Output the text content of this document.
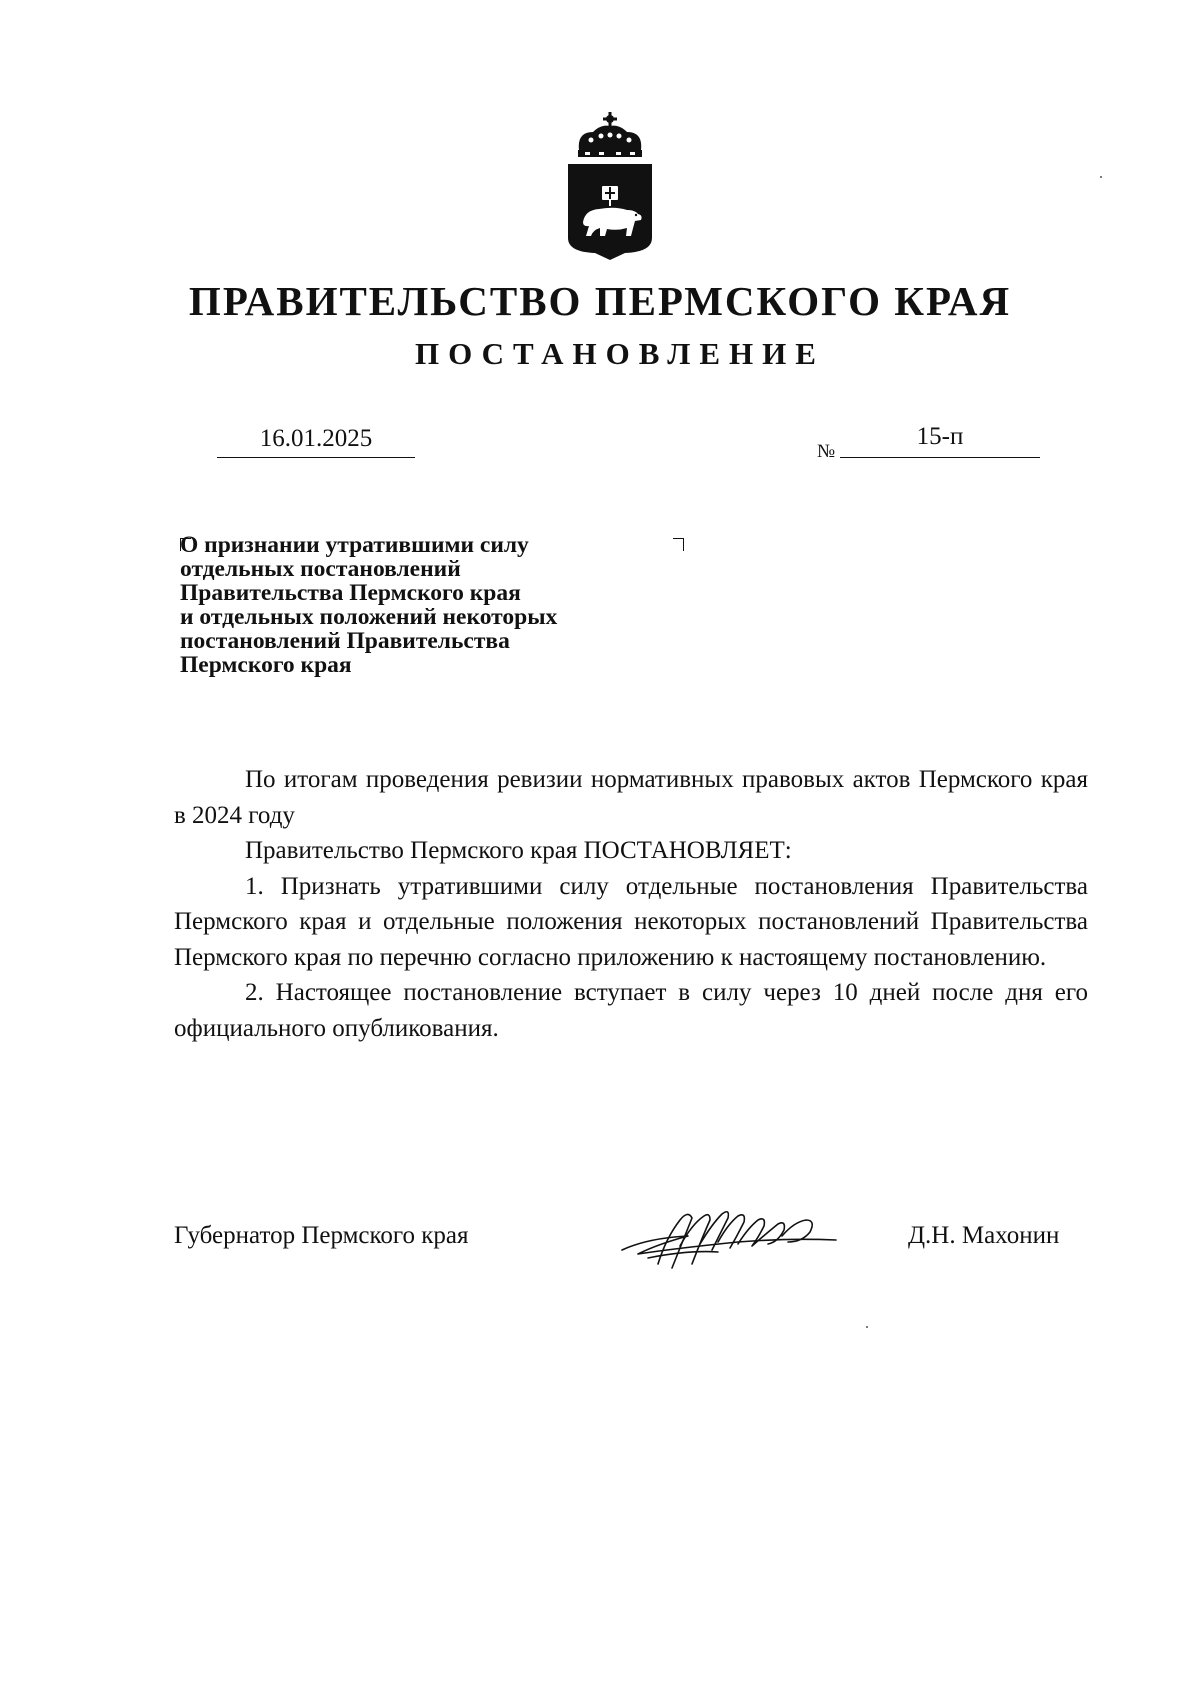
ПРАВИТЕЛЬСТВО ПЕРМСКОГО КРАЯ
ПОСТАНОВЛЕНИЕ
16.01.2025	№
15-п
О признании утратившими силу
отдельных постановлений
Правительства Пермского края
и отдельных положений некоторых
постановлений Правительства
Пермского края

По итогам проведения ревизии нормативных правовых актов Пермского края в 2024 году

Правительство Пермского края ПОСТАНОВЛЯЕТ:

1. Признать утратившими силу отдельные постановления Правительства Пермского края и отдельные положения некоторых постановлений Правительства Пермского края по перечню согласно приложению к настоящему постановлению.

2. Настоящее постановление вступает в силу через 10 дней после дня его официального опубликования.

Губернатор Пермского края	Д.Н. Махонин
